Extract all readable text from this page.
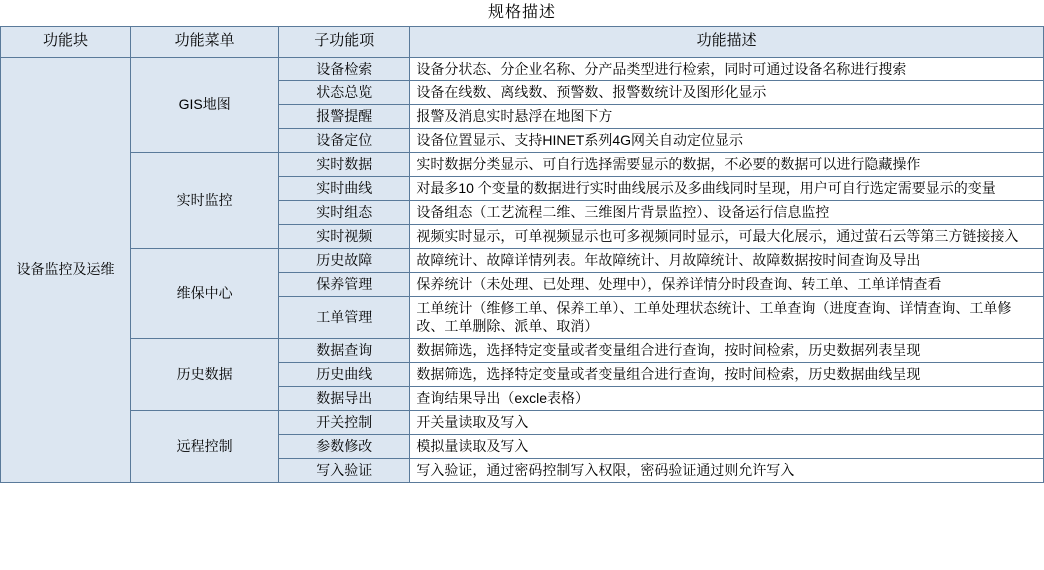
规格描述			
功能块	功能菜单	子功能项	功能描述
设备监控及运维	GIS地图	设备检索	设备分状态、分企业名称、分产品类型进行检索，同时可通过设备名称进行搜索
		状态总览	设备在线数、离线数、预警数、报警数统计及图形化显示
		报警提醒	报警及消息实时悬浮在地图下方
		设备定位	设备位置显示、支持HINET系列4G网关自动定位显示
	实时监控	实时数据	实时数据分类显示、可自行选择需要显示的数据，不必要的数据可以进行隐藏操作
		实时曲线	对最多10 个变量的数据进行实时曲线展示及多曲线同时呈现，用户可自行选定需要显示的变量
		实时组态	设备组态（工艺流程二维、三维图片背景监控）、设备运行信息监控
		实时视频	视频实时显示，可单视频显示也可多视频同时显示，可最大化展示，通过萤石云等第三方链接接入
	维保中心	历史故障	故障统计、故障详情列表。年故障统计、月故障统计、故障数据按时间查询及导出
		保养管理	保养统计（未处理、已处理、处理中），保养详情分时段查询、转工单、工单详情查看
		工单管理	工单统计（维修工单、保养工单）、工单处理状态统计、工单查询（进度查询、详情查询、工单修改、工单删除、派单、取消）
	历史数据	数据查询	数据筛选，选择特定变量或者变量组合进行查询，按时间检索，历史数据列表呈现
		历史曲线	数据筛选，选择特定变量或者变量组合进行查询，按时间检索，历史数据曲线呈现
		数据导出	查询结果导出（excle表格）
	远程控制	开关控制	开关量读取及写入
		参数修改	模拟量读取及写入
		写入验证	写入验证，通过密码控制写入权限，密码验证通过则允许写入
